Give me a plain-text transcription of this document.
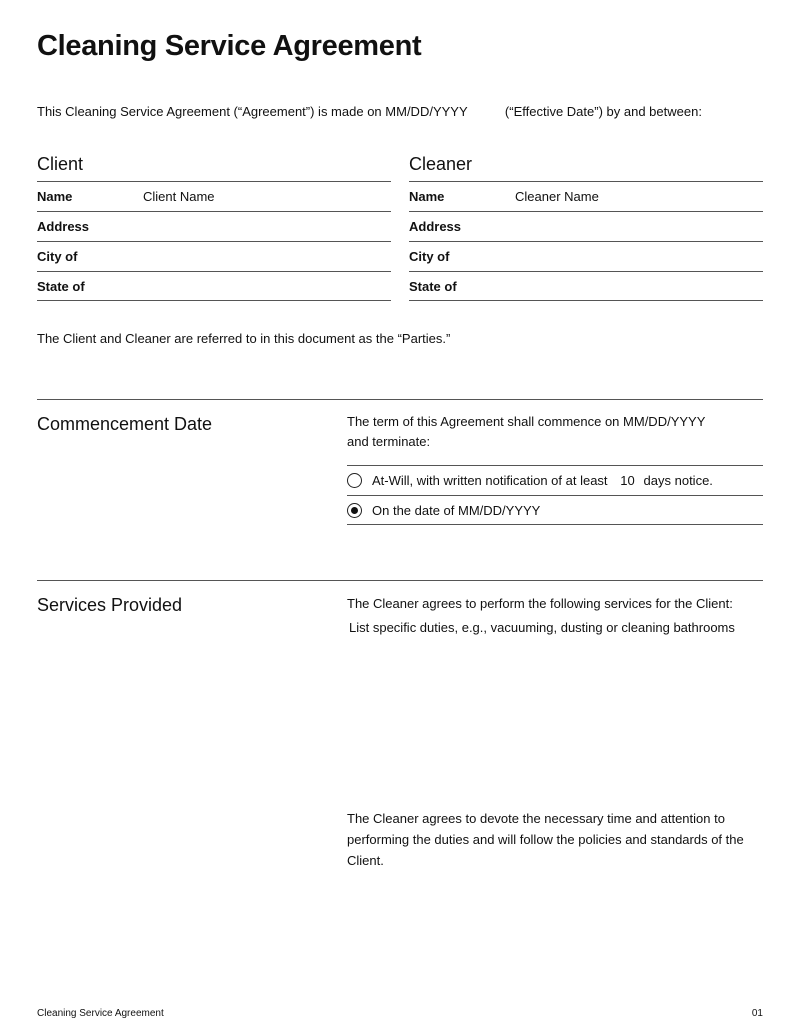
Cleaning Service Agreement
This Cleaning Service Agreement (“Agreement”) is made on MM/DD/YYYY	(“Effective Date”) by and between:
Client
Name	Client Name
Address
City of
State of
Cleaner
Name	Cleaner Name
Address
City of
State of
The Client and Cleaner are referred to in this document as the “Parties.”
Commencement Date	The term of this Agreement shall commence on MM/DD/YYYY
and terminate:
At-Will, with written notification of at least 10 days notice.
On the date of MM/DD/YYYY
Services Provided	The Cleaner agrees to perform the following services for the Client:
List specific duties, e.g., vacuuming, dusting or cleaning bathrooms
The Cleaner agrees to devote the necessary time and attention to performing the duties and will follow the policies and standards of the Client.
Cleaning Service Agreement	01
